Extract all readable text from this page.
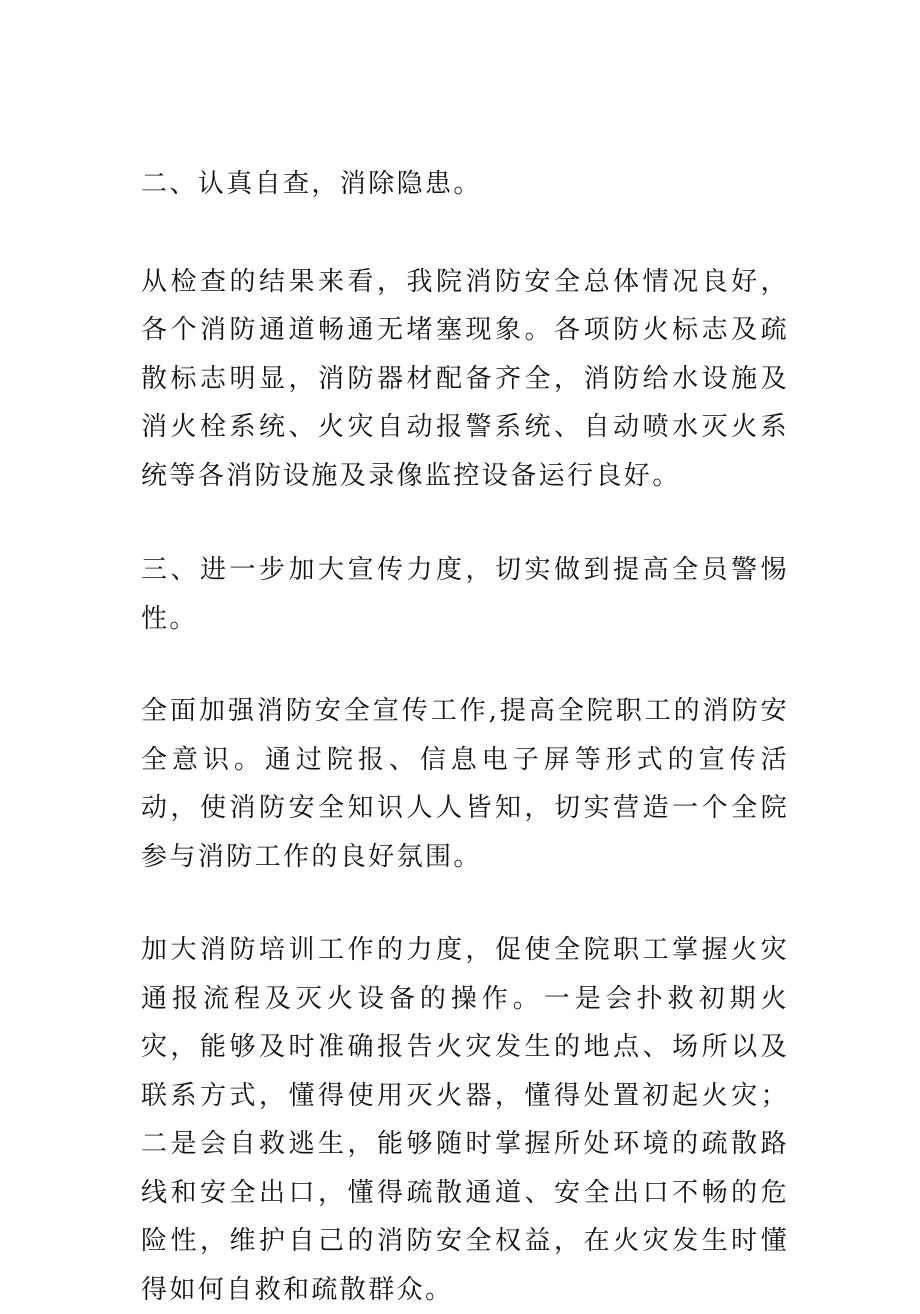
二、认真自查，消除隐患。

从检查的结果来看，我院消防安全总体情况良好，各个消防通道畅通无堵塞现象。各项防火标志及疏散标志明显，消防器材配备齐全，消防给水设施及消火栓系统、火灾自动报警系统、自动喷水灭火系统等各消防设施及录像监控设备运行良好。

三、进一步加大宣传力度，切实做到提高全员警惕性。

全面加强消防安全宣传工作,提高全院职工的消防安全意识。通过院报、信息电子屏等形式的宣传活动，使消防安全知识人人皆知，切实营造一个全院参与消防工作的良好氛围。

加大消防培训工作的力度，促使全院职工掌握火灾通报流程及灭火设备的操作。一是会扑救初期火灾，能够及时准确报告火灾发生的地点、场所以及联系方式，懂得使用灭火器，懂得处置初起火灾；二是会自救逃生，能够随时掌握所处环境的疏散路线和安全出口，懂得疏散通道、安全出口不畅的危险性，维护自己的消防安全权益，在火灾发生时懂得如何自救和疏散群众。
